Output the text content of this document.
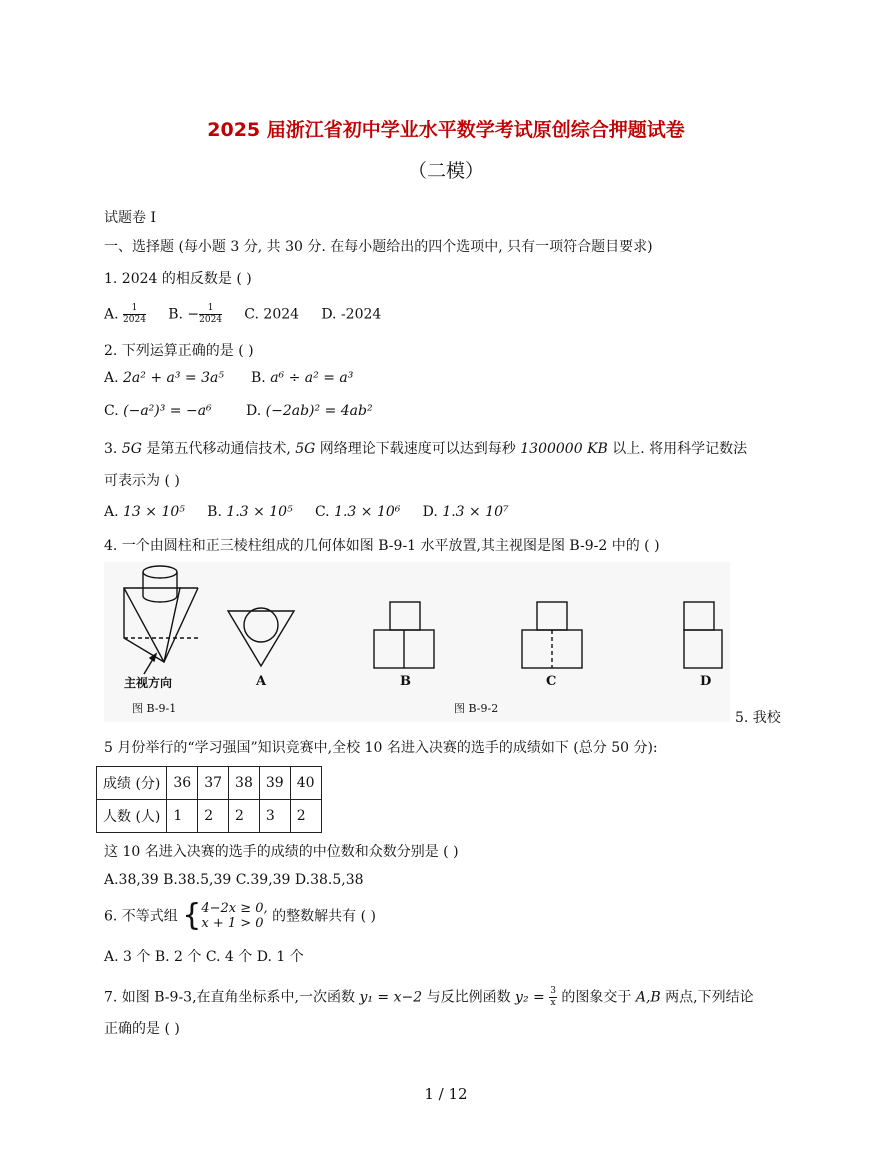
2025 届浙江省初中学业水平数学考试原创综合押题试卷
（二模）
试题卷 I
一、选择题 (每小题 3 分, 共 30 分. 在每小题给出的四个选项中, 只有一项符合题目要求)
1. 2024 的相反数是 ( )
A. $\frac{1}{2024} B$. − $\frac{1}{2024} C$. 2024 D. -2024
2. 下列运算正确的是 ( )
A. 2a² + a³ = 3a⁵ B. a⁶ ÷ a² = a³
C. (−a²)³ = −a⁶ D. (−2ab)² = 4ab²
3. 5G 是第五代移动通信技术, 5G 网络理论下载速度可以达到每秒 1300000 KB 以上. 将用科学记数法
可表示为 ( )
A. 13 × 10⁵ B. 1.3 × 10⁵ C. 1.3 × 10⁶ D. 1.3 × 10⁷
4. 一个由圆柱和正三棱柱组成的几何体如图 B-9-1 水平放置,其主视图是图 B-9-2 中的 ( )
主视方向	A	B	C	D
图 B-9-1	图 B-9-2
5. 我校
5 月份举行的“学习强国”知识竞赛中,全校 10 名进入决赛的选手的成绩如下 (总分 50 分):
成绩 (分)	36	37	38	39	40
人数 (人)	1	2	2	3	2
这 10 名进入决赛的选手的成绩的中位数和众数分别是 ( )
A.38,39 B.38.5,39 C.39,39 D.38.5,38
6. 不等式组 { 4−2x ≥ 0,
x + 1 > 0 的整数解共有 ( )
A. 3 个 B. 2 个 C. 4 个 D. 1 个
7. 如图 B-9-3,在直角坐标系中,一次函数 y₁ = x−2 与反比例函数 $y_2 = \frac{3}{x}$ 的图象交于 A,B 两点,下列结论
正确的是 ( )
1 / 12
